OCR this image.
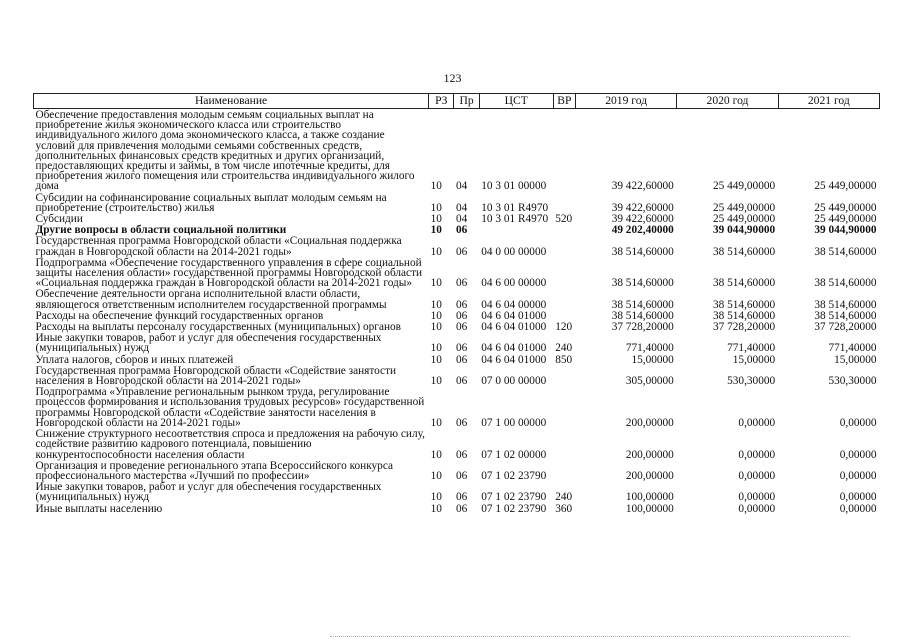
123
Наименование	РЗ	Пр	ЦСТ	ВР	2019 год	2020 год	2021 год
Обеспечение предоставления молодым семьям социальных выплат на приобретение жилья экономического класса или строительство индивидуального жилого дома экономического класса, а также создание условий для привлечения молодыми семьями собственных средств, дополнительных финансовых средств кредитных и других организаций, предоставляющих кредиты и займы, в том числе ипотечные кредиты, для приобретения жилого помещения или строительства индивидуального жилого дома	10	04	10 3 01 00000		39 422,60000	25 449,00000	25 449,00000
Субсидии на софинансирование социальных выплат молодым семьям на приобретение (строительство) жилья	10	04	10 3 01 R4970		39 422,60000	25 449,00000	25 449,00000
Субсидии	10	04	10 3 01 R4970	520	39 422,60000	25 449,00000	25 449,00000
Другие вопросы в области социальной политики	10	06			49 202,40000	39 044,90000	39 044,90000
Государственная программа Новгородской области «Социальная поддержка граждан в Новгородской области на 2014-2021 годы»	10	06	04 0 00 00000		38 514,60000	38 514,60000	38 514,60000
Подпрограмма «Обеспечение государственного управления в сфере социальной защиты населения области» государственной программы Новгородской области «Социальная поддержка граждан в Новгородской области на 2014-2021 годы»	10	06	04 6 00 00000		38 514,60000	38 514,60000	38 514,60000
Обеспечение деятельности органа исполнительной власти области, являющегося ответственным исполнителем государственной программы	10	06	04 6 04 00000		38 514,60000	38 514,60000	38 514,60000
Расходы на обеспечение функций государственных органов	10	06	04 6 04 01000		38 514,60000	38 514,60000	38 514,60000
Расходы на выплаты персоналу государственных (муниципальных) органов	10	06	04 6 04 01000	120	37 728,20000	37 728,20000	37 728,20000
Иные закупки товаров, работ и услуг для обеспечения государственных (муниципальных) нужд	10	06	04 6 04 01000	240	771,40000	771,40000	771,40000
Уплата налогов, сборов и иных платежей	10	06	04 6 04 01000	850	15,00000	15,00000	15,00000
Государственная программа Новгородской области «Содействие занятости населения в Новгородской области на 2014-2021 годы»	10	06	07 0 00 00000		305,00000	530,30000	530,30000
Подпрограмма «Управление региональным рынком труда, регулирование процессов формирования и использования трудовых ресурсов» государственной программы Новгородской области «Содействие занятости населения в Новгородской области на 2014-2021 годы»	10	06	07 1 00 00000		200,00000	0,00000	0,00000
Снижение структурного несоответствия спроса и предложения на рабочую силу, содействие развитию кадрового потенциала, повышению конкурентоспособности населения области	10	06	07 1 02 00000		200,00000	0,00000	0,00000
Организация и проведение регионального этапа Всероссийского конкурса профессионального мастерства «Лучший по профессии»	10	06	07 1 02 23790		200,00000	0,00000	0,00000
Иные закупки товаров, работ и услуг для обеспечения государственных (муниципальных) нужд	10	06	07 1 02 23790	240	100,00000	0,00000	0,00000
Иные выплаты населению	10	06	07 1 02 23790	360	100,00000	0,00000	0,00000
